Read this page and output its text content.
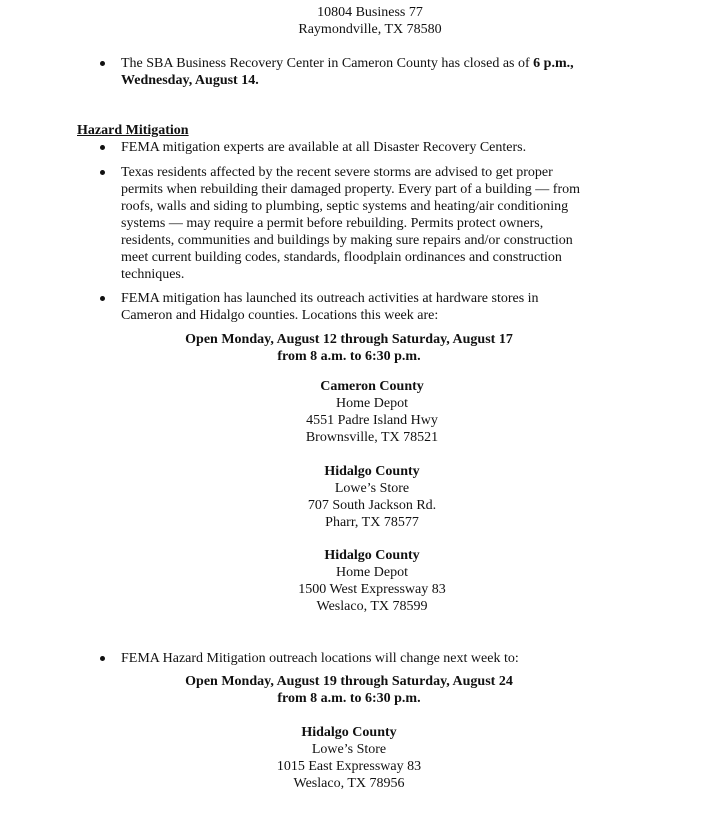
10804 Business 77
Raymondville, TX 78580
The SBA Business Recovery Center in Cameron County has closed as of 6 p.m., Wednesday, August 14.
Hazard Mitigation
FEMA mitigation experts are available at all Disaster Recovery Centers.
Texas residents affected by the recent severe storms are advised to get proper permits when rebuilding their damaged property. Every part of a building — from roofs, walls and siding to plumbing, septic systems and heating/air conditioning systems — may require a permit before rebuilding. Permits protect owners, residents, communities and buildings by making sure repairs and/or construction meet current building codes, standards, floodplain ordinances and construction techniques.
FEMA mitigation has launched its outreach activities at hardware stores in Cameron and Hidalgo counties. Locations this week are:
Open Monday, August 12 through Saturday, August 17
from 8 a.m. to 6:30 p.m.
Cameron County
Home Depot
4551 Padre Island Hwy
Brownsville, TX 78521
Hidalgo County
Lowe’s Store
707 South Jackson Rd.
Pharr, TX 78577
Hidalgo County
Home Depot
1500 West Expressway 83
Weslaco, TX 78599
FEMA Hazard Mitigation outreach locations will change next week to:
Open Monday, August 19 through Saturday, August 24
from 8 a.m. to 6:30 p.m.
Hidalgo County
Lowe’s Store
1015 East Expressway 83
Weslaco, TX 78956
